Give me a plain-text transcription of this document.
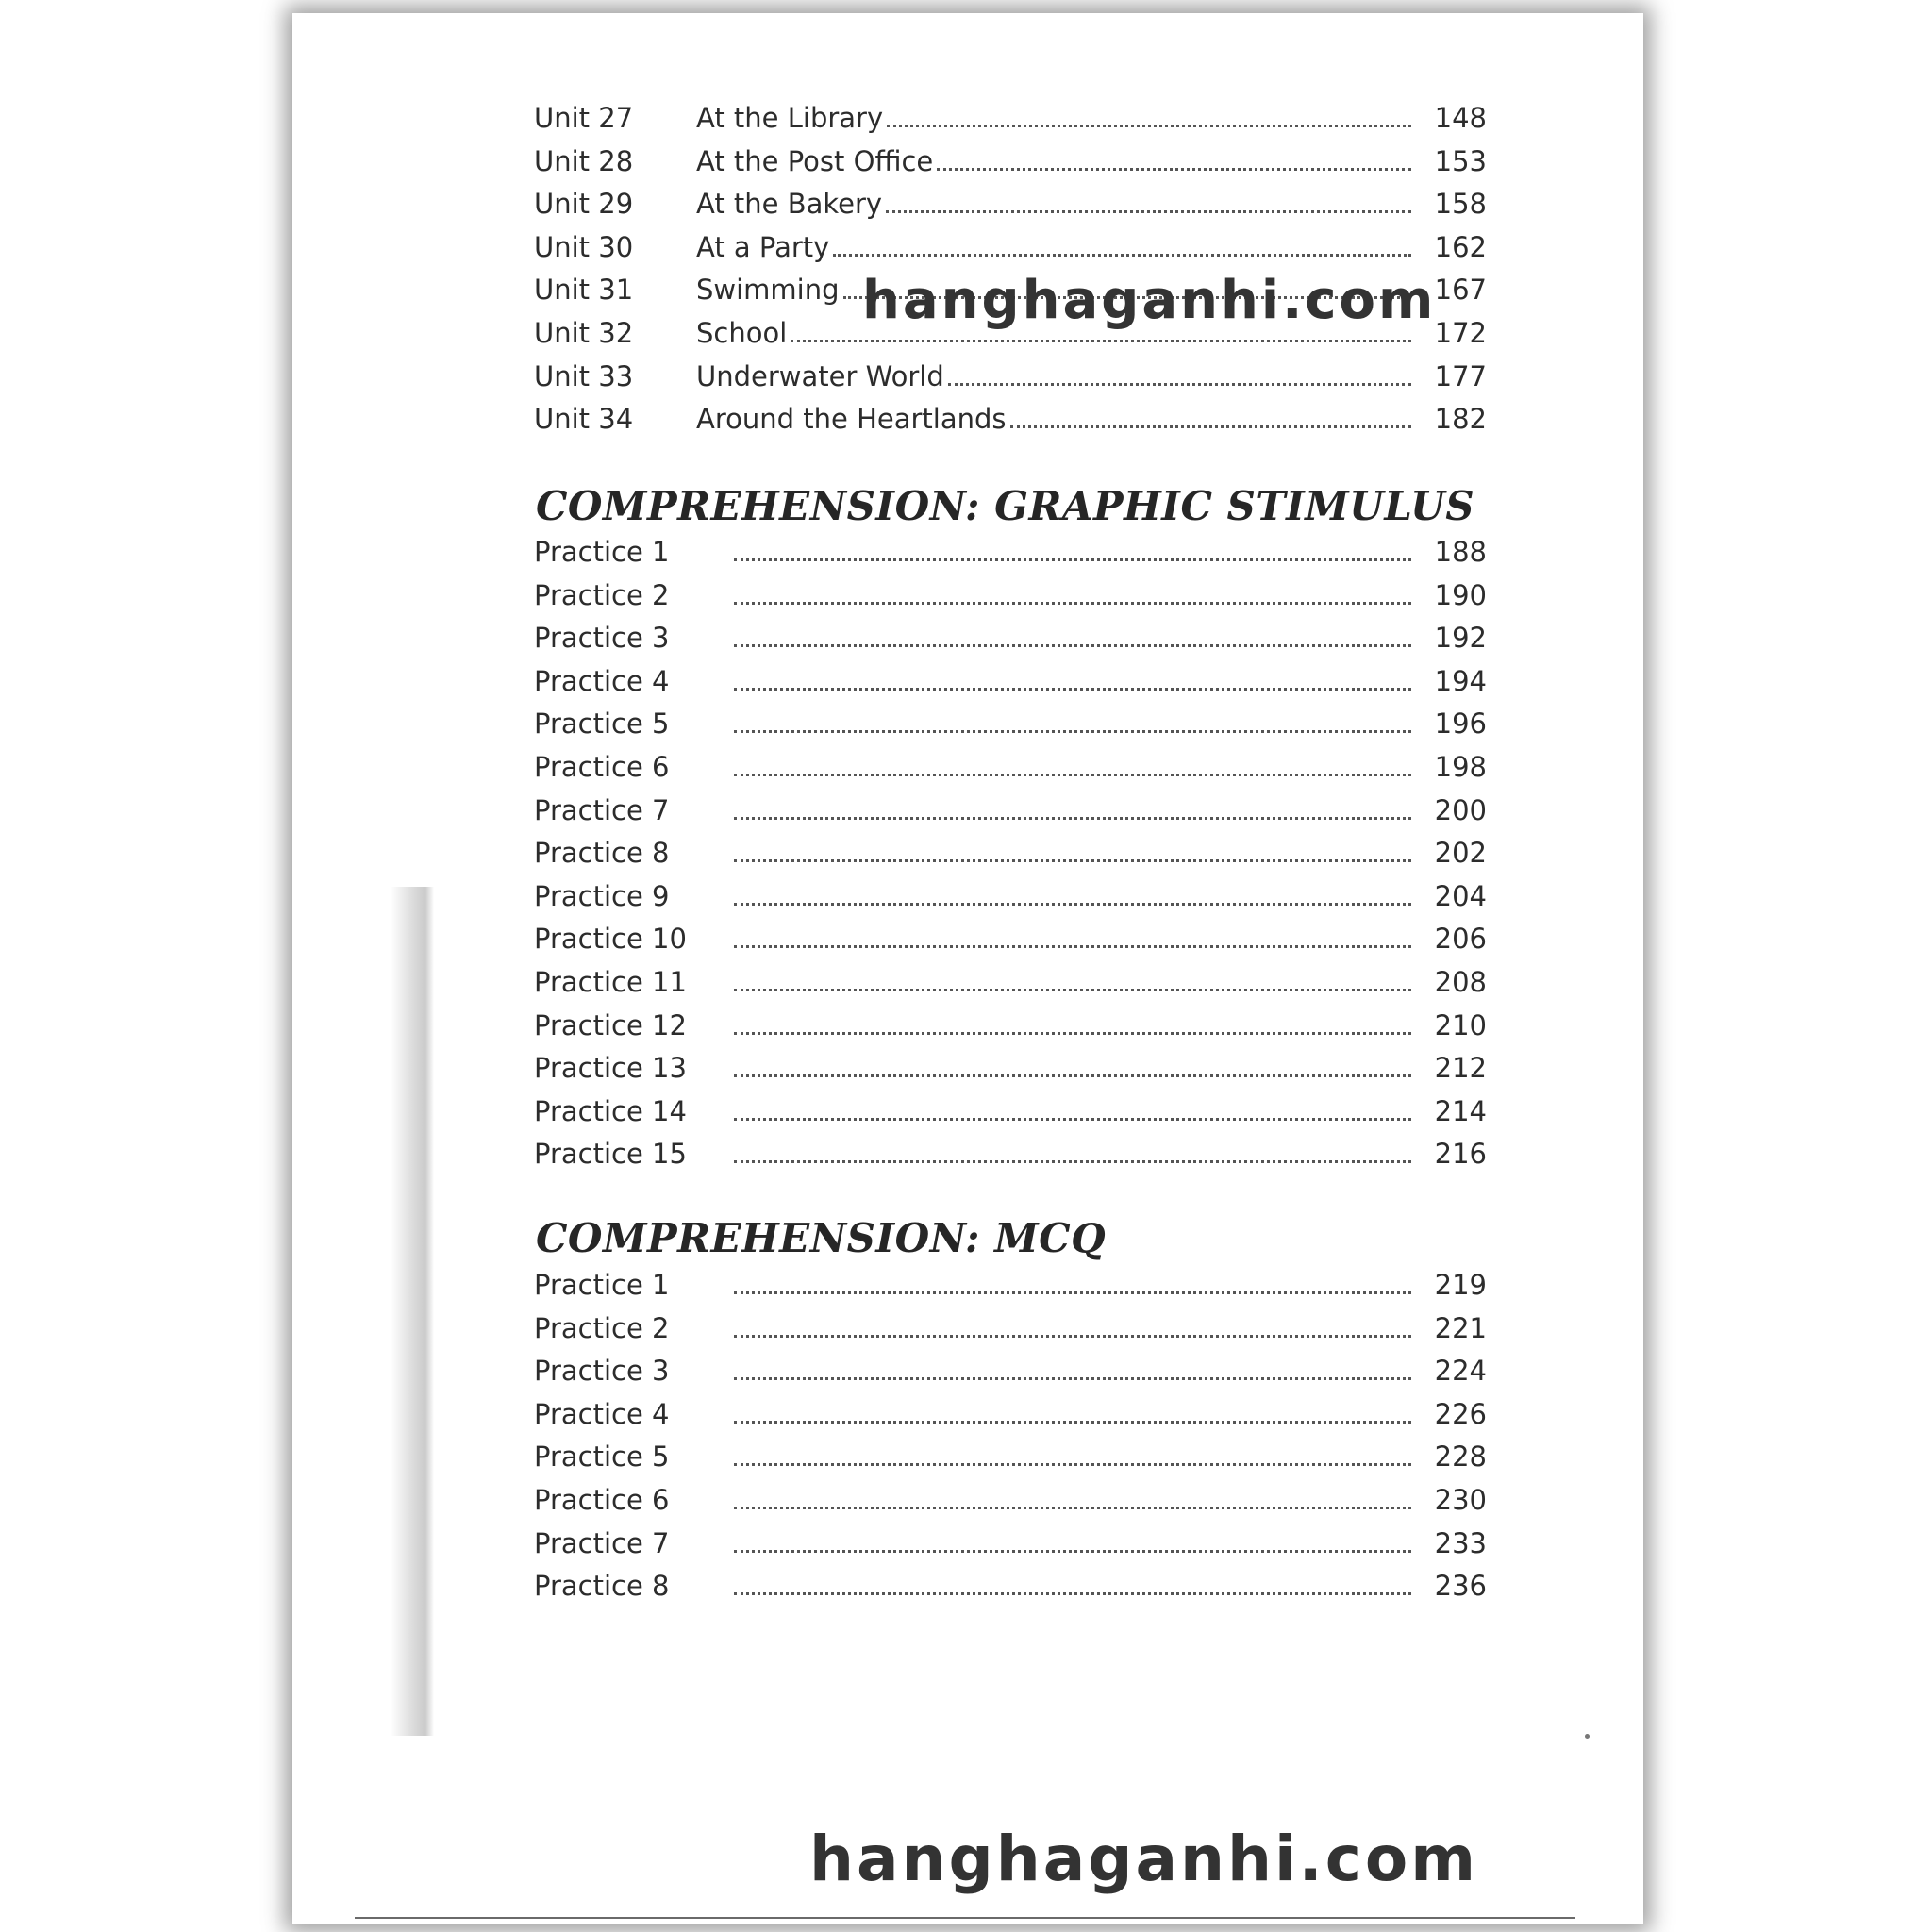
Unit 27	At the Library	148
Unit 28	At the Post Office	153
Unit 29	At the Bakery	158
Unit 30	At a Party	162
Unit 31	Swimming	167
Unit 32	School	172
Unit 33	Underwater World	177
Unit 34	Around the Heartlands	182
COMPREHENSION: GRAPHIC STIMULUS
Practice 1	188
Practice 2	190
Practice 3	192
Practice 4	194
Practice 5	196
Practice 6	198
Practice 7	200
Practice 8	202
Practice 9	204
Practice 10	206
Practice 11	208
Practice 12	210
Practice 13	212
Practice 14	214
Practice 15	216
COMPREHENSION: MCQ
Practice 1	219
Practice 2	221
Practice 3	224
Practice 4	226
Practice 5	228
Practice 6	230
Practice 7	233
Practice 8	236
hanghaganhi.com
hanghaganhi.com
